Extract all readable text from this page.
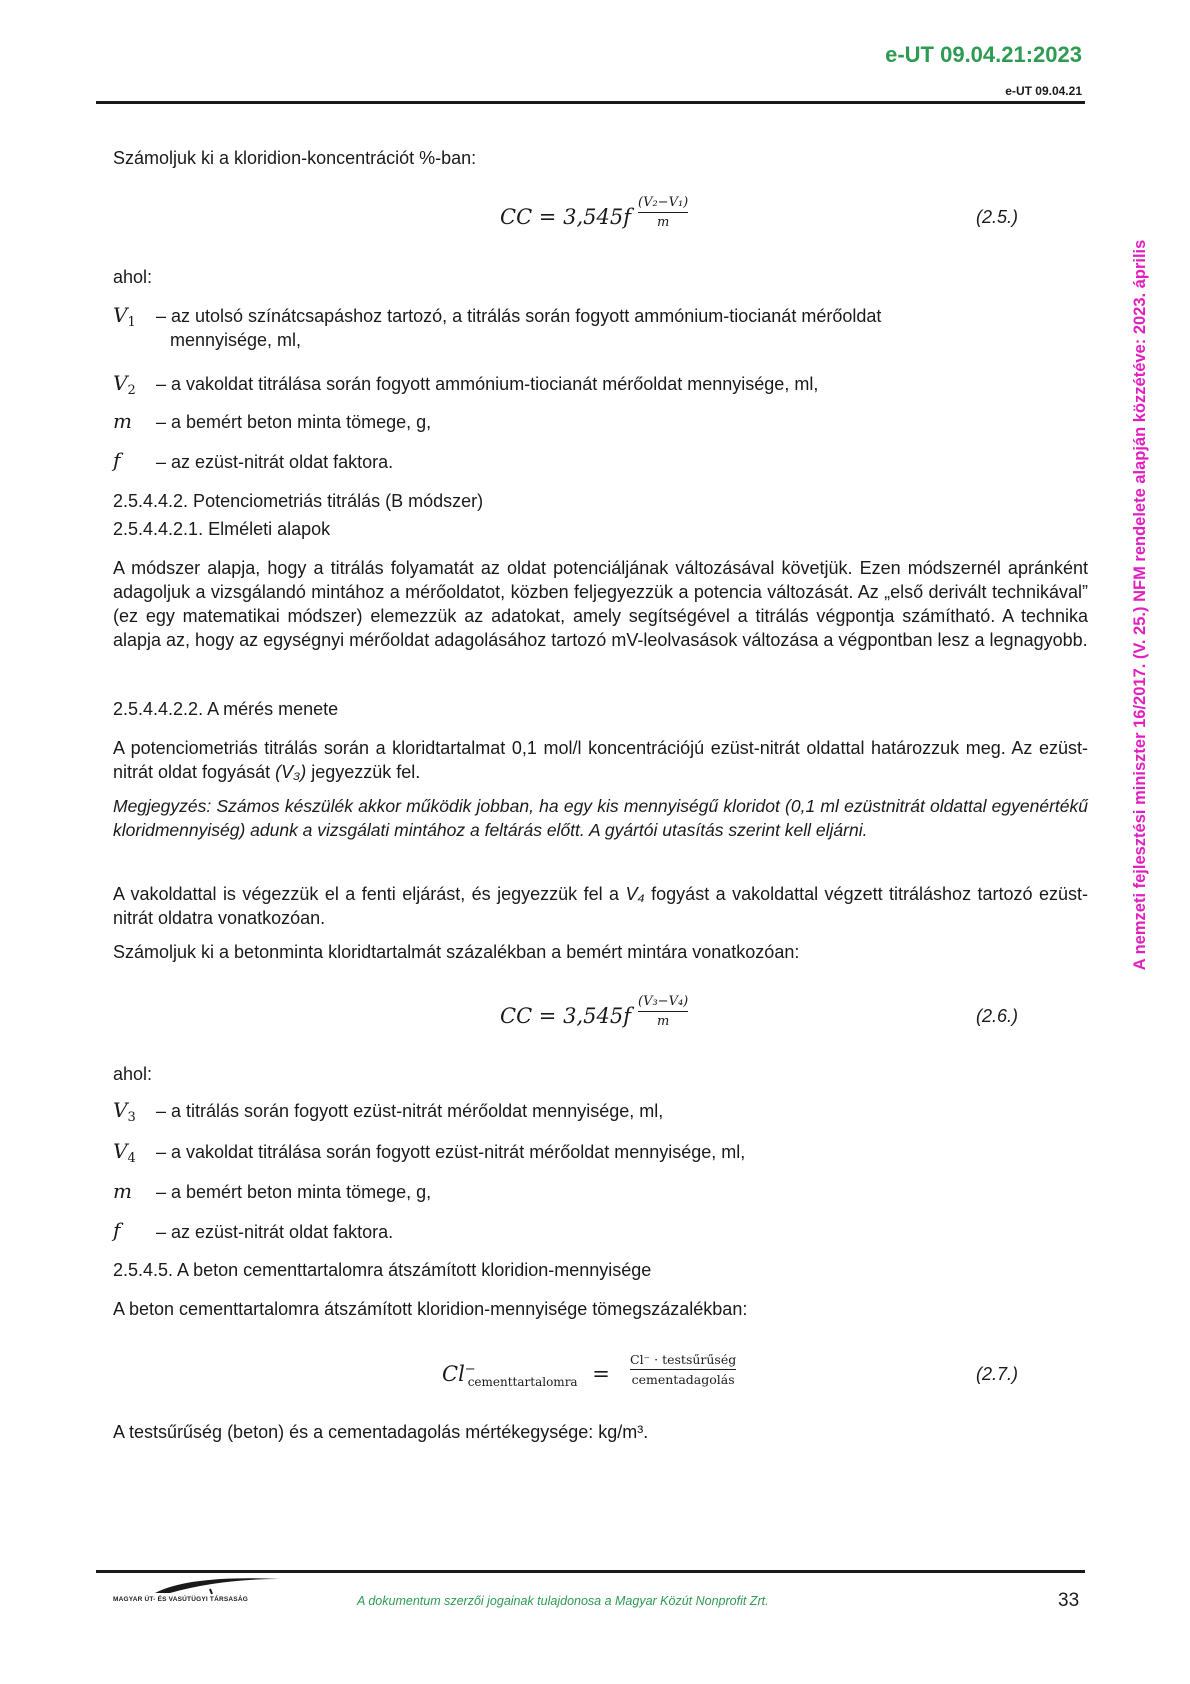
e-UT 09.04.21:2023
e-UT 09.04.21
A nemzeti fejlesztési miniszter 16/2017. (V. 25.) NFM rendelete alapján közzétéve: 2023. április
Számoljuk ki a kloridion-koncentrációt %-ban:
CC = 3,545f
(V₂−V₁)
m	(2.5.)
ahol:
$V_1$ – az utolsó színátcsapáshoz tartozó, a titrálás során fogyott ammónium-tiocianát mérőoldat
mennyisége, ml,
$V_2$ – a vakoldat titrálása során fogyott ammónium-tiocianát mérőoldat mennyisége, ml,
m – a bemért beton minta tömege, g,
f – az ezüst-nitrát oldat faktora.
2.5.4.4.2. Potenciometriás titrálás (B módszer)
2.5.4.4.2.1. Elméleti alapok
A módszer alapja, hogy a titrálás folyamatát az oldat potenciáljának változásával követjük. Ezen módszernél apránként adagoljuk a vizsgálandó mintához a mérőoldatot, közben feljegyezzük a potencia változását. Az „első derivált technikával” (ez egy matematikai módszer) elemezzük az adatokat, amely segítségével a titrálás végpontja számítható. A technika alapja az, hogy az egységnyi mérőoldat adagolásához tartozó mV-leolvasások változása a végpontban lesz a legnagyobb.
2.5.4.4.2.2. A mérés menete
A potenciometriás titrálás során a kloridtartalmat 0,1 mol/l koncentrációjú ezüst-nitrát oldattal határozzuk meg. Az ezüst-nitrát oldat fogyását (V₃) jegyezzük fel.
Megjegyzés: Számos készülék akkor működik jobban, ha egy kis mennyiségű kloridot (0,1 ml ezüstnitrát oldattal egyenértékű kloridmennyiség) adunk a vizsgálati mintához a feltárás előtt. A gyártói utasítás szerint kell eljárni.
A vakoldattal is végezzük el a fenti eljárást, és jegyezzük fel a V₄ fogyást a vakoldattal végzett titráláshoz tartozó ezüst-nitrát oldatra vonatkozóan.
Számoljuk ki a betonminta kloridtartalmát százalékban a bemért mintára vonatkozóan:
CC = 3,545f
(V₃−V₄)
m	(2.6.)
ahol:
$V_3$ – a titrálás során fogyott ezüst-nitrát mérőoldat mennyisége, ml,
$V_4$ – a vakoldat titrálása során fogyott ezüst-nitrát mérőoldat mennyisége, ml,
m – a bemért beton minta tömege, g,
f – az ezüst-nitrát oldat faktora.
2.5.4.5. A beton cementtartalomra átszámított kloridion-mennyisége
A beton cementtartalomra átszámított kloridion-mennyisége tömegszázalékban:
$Cl^-_{cementtartalomra}$ =
Cl⁻ · testsűrűség
cementadagolás	(2.7.)
A testsűrűség (beton) és a cementadagolás mértékegysége: kg/m³.
MAGYAR ÚT- ÉS VASÚTÜGYI TÁRSASÁG	A dokumentum szerzői jogainak tulajdonosa a Magyar Közút Nonprofit Zrt.	33
